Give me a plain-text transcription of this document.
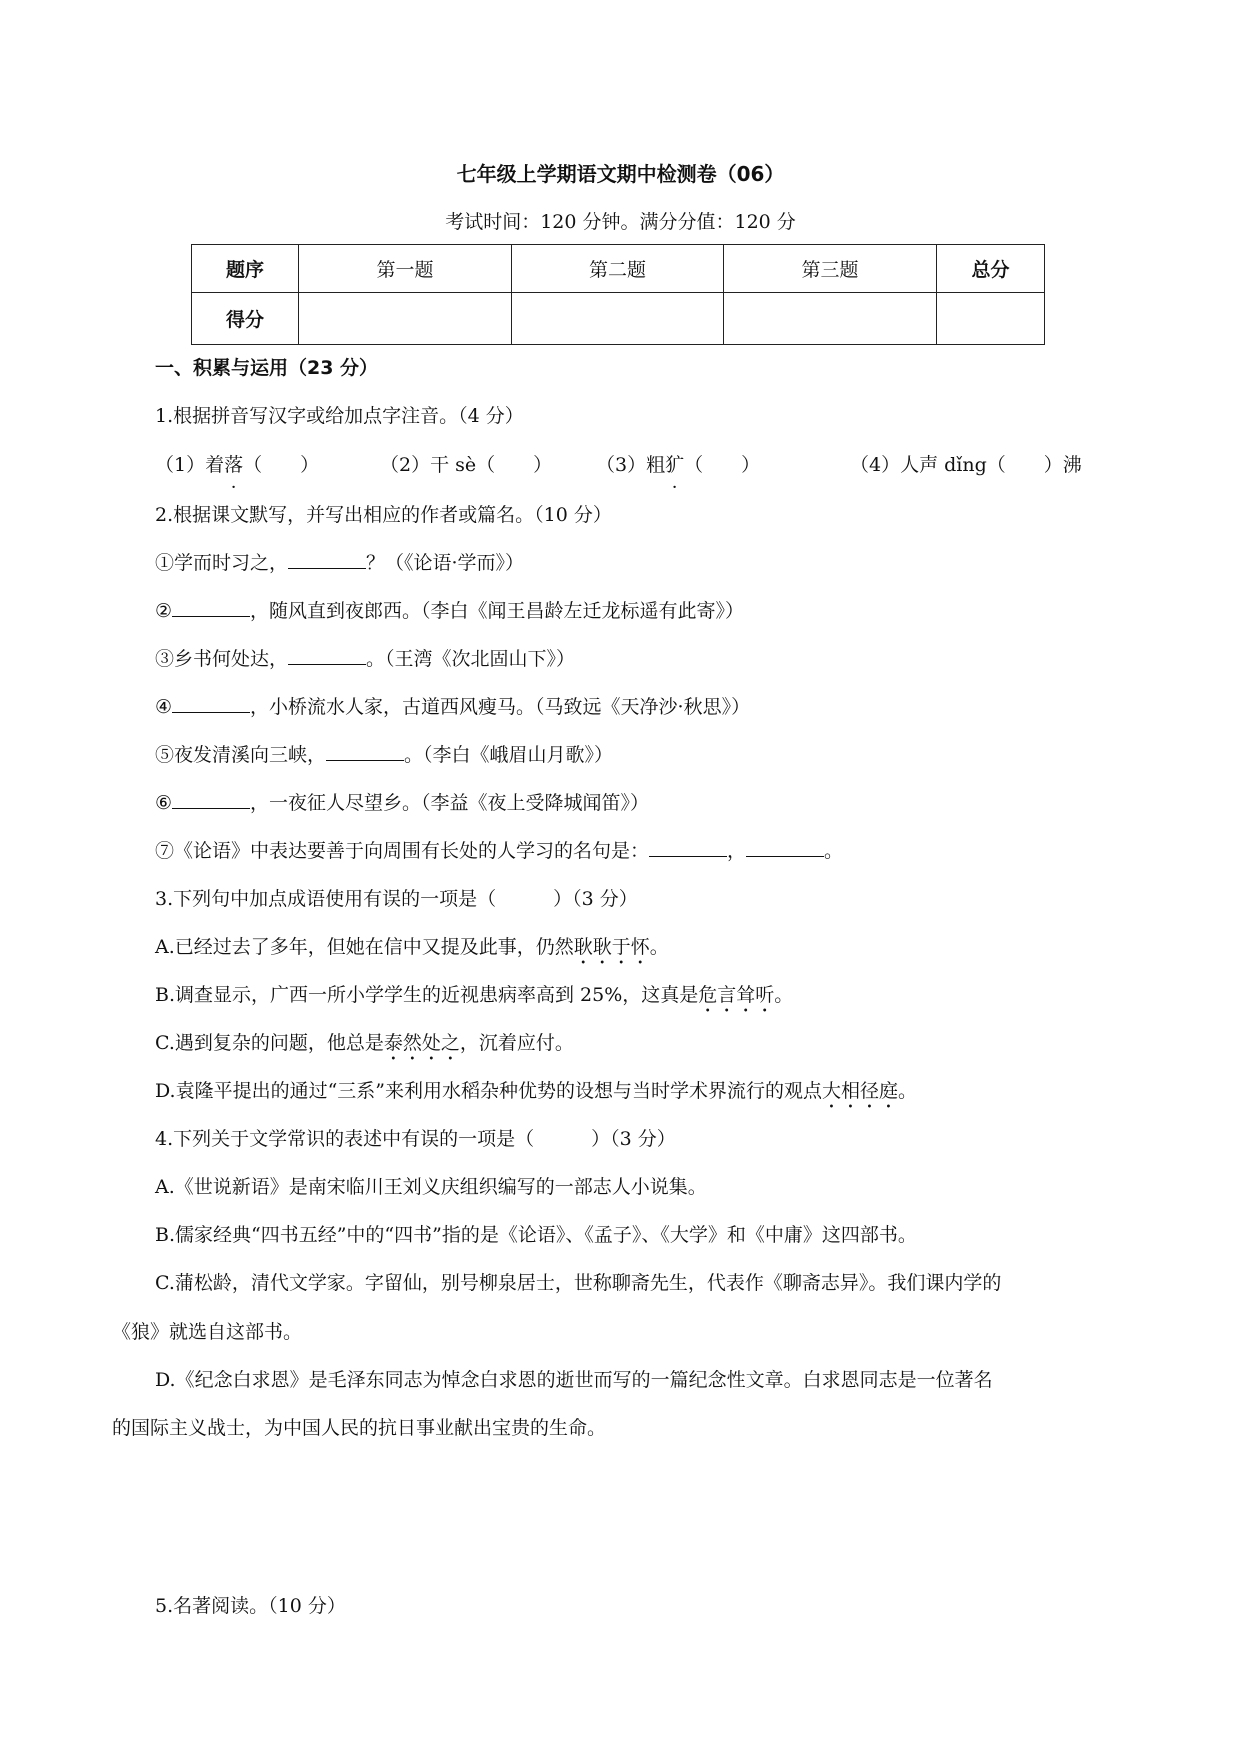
七年级上学期语文期中检测卷（06）
考试时间：120 分钟。满分分值：120 分
题序	第一题	第二题	第三题	总分
得分				
一、积累与运用（23 分）
1.根据拼音写汉字或给加点字注音。（4 分）
（1）着落（　　）	（2）干 sè（　　） （3）粗犷（　　）	（4）人声 dǐng（　　）沸
2.根据课文默写，并写出相应的作者或篇名。（10 分）
①学而时习之，	？（《论语·学而》）
②	，随风直到夜郎西。（李白《闻王昌龄左迁龙标遥有此寄》）
③乡书何处达，	。（王湾《次北固山下》）
④	，小桥流水人家，古道西风瘦马。（马致远《天净沙·秋思》）
⑤夜发清溪向三峡，	。（李白《峨眉山月歌》）
⑥	，一夜征人尽望乡。（李益《夜上受降城闻笛》）
⑦《论语》中表达要善于向周围有长处的人学习的名句是：	，	。
3.下列句中加点成语使用有误的一项是（　　　）（3 分）
A.已经过去了多年，但她在信中又提及此事，仍然耿耿于怀。
B.调查显示，广西一所小学学生的近视患病率高到 25%，这真是危言耸听。
C.遇到复杂的问题，他总是泰然处之，沉着应付。
D.袁隆平提出的通过“三系”来利用水稻杂种优势的设想与当时学术界流行的观点大相径庭。
4.下列关于文学常识的表述中有误的一项是（　　　）（3 分）
A.《世说新语》是南宋临川王刘义庆组织编写的一部志人小说集。
B.儒家经典“四书五经”中的“四书”指的是《论语》、《孟子》、《大学》和《中庸》这四部书。
C.蒲松龄，清代文学家。字留仙，别号柳泉居士，世称聊斋先生，代表作《聊斋志异》。我们课内学的
《狼》就选自这部书。
D.《纪念白求恩》是毛泽东同志为悼念白求恩的逝世而写的一篇纪念性文章。白求恩同志是一位著名
的国际主义战士，为中国人民的抗日事业献出宝贵的生命。
5.名著阅读。（10 分）
